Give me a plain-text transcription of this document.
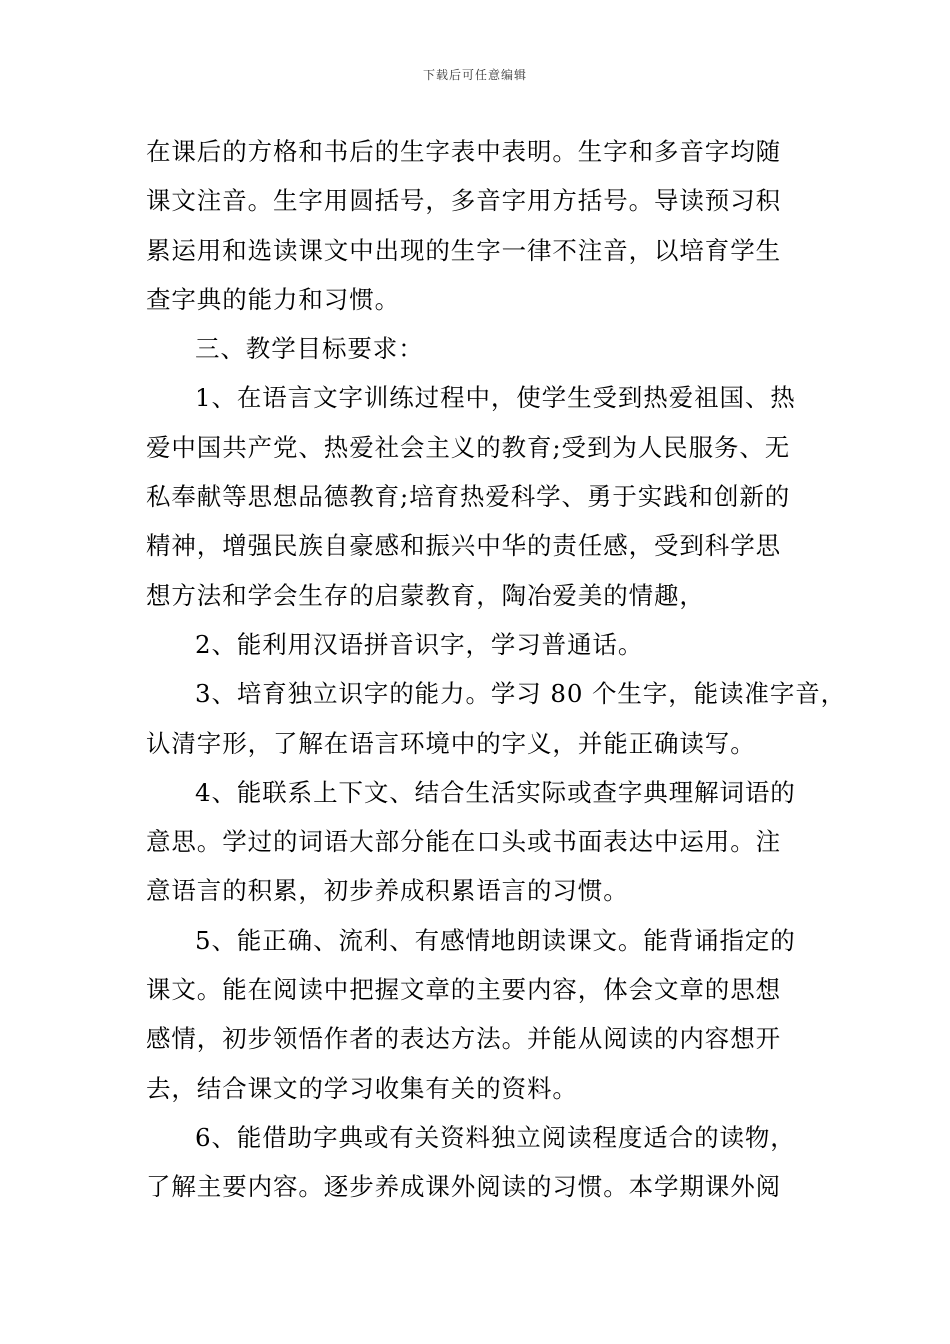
下载后可任意编辑
在课后的方格和书后的生字表中表明。生字和多音字均随
课文注音。生字用圆括号，多音字用方括号。导读预习积
累运用和选读课文中出现的生字一律不注音，以培育学生
查字典的能力和习惯。
三、教学目标要求：
1、在语言文字训练过程中，使学生受到热爱祖国、热
爱中国共产党、热爱社会主义的教育;受到为人民服务、无
私奉献等思想品德教育;培育热爱科学、勇于实践和创新的
精神，增强民族自豪感和振兴中华的责任感，受到科学思
想方法和学会生存的启蒙教育，陶冶爱美的情趣，
2、能利用汉语拼音识字，学习普通话。
3、培育独立识字的能力。学习 80 个生字，能读准字音，
认清字形，了解在语言环境中的字义，并能正确读写。
4、能联系上下文、结合生活实际或查字典理解词语的
意思。学过的词语大部分能在口头或书面表达中运用。注
意语言的积累，初步养成积累语言的习惯。
5、能正确、流利、有感情地朗读课文。能背诵指定的
课文。能在阅读中把握文章的主要内容，体会文章的思想
感情，初步领悟作者的表达方法。并能从阅读的内容想开
去，结合课文的学习收集有关的资料。
6、能借助字典或有关资料独立阅读程度适合的读物，
了解主要内容。逐步养成课外阅读的习惯。本学期课外阅
